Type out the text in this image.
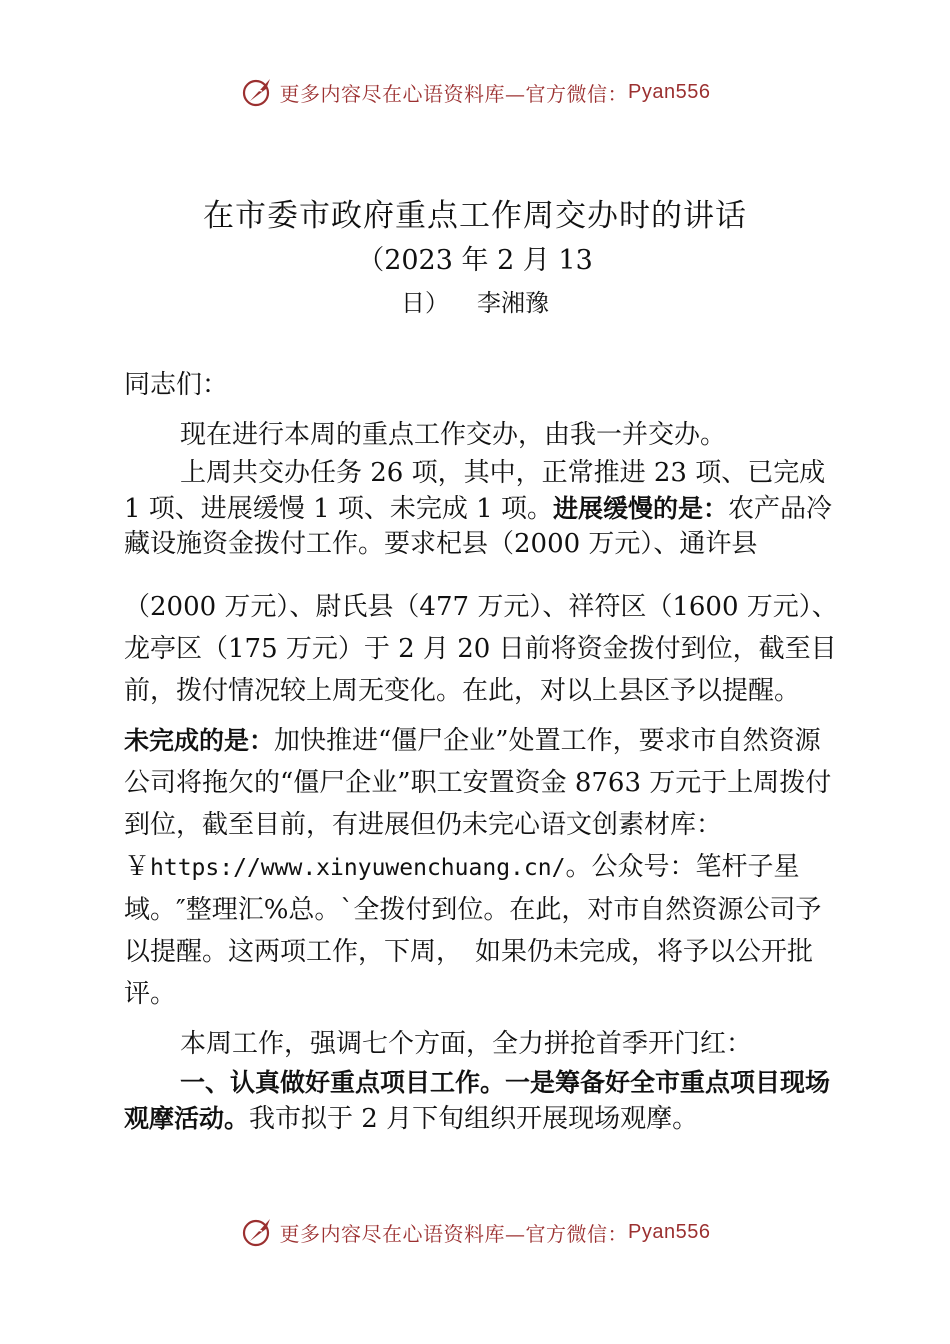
更多内容尽在心语资料库—官方微信： Pyan556
在市委市政府重点工作周交办时的讲话
（2023 年 2 月 13
日） 李湘豫

同志们：

现在进行本周的重点工作交办，由我一并交办。

上周共交办任务 26 项，其中，正常推进 23 项、已完成 1 项、进展缓慢 1 项、未完成 1 项。进展缓慢的是：农产品冷藏设施资金拨付工作。要求杞县（2000 万元）、通许县

（2000 万元）、尉氏县（477 万元）、祥符区（1600 万元）、龙亭区（175 万元）于 2 月 20 日前将资金拨付到位，截至目前，拨付情况较上周无变化。在此，对以上县区予以提醒。

未完成的是：加快推进“僵尸企业”处置工作，要求市自然资源公司将拖欠的“僵尸企业”职工安置资金 8763 万元于上周拨付到位，截至目前，有进展但仍未完心语文创素材库：￥https://www.xinyuwenchuang.cn/。公众号：笔杆子星域。″整理汇%总。`全拨付到位。在此，对市自然资源公司予以提醒。这两项工作，下周，　如果仍未完成，将予以公开批评。

本周工作，强调七个方面，全力拼抢首季开门红：

一、认真做好重点项目工作。一是筹备好全市重点项目现场观摩活动。我市拟于 2 月下旬组织开展现场观摩。

更多内容尽在心语资料库—官方微信： Pyan556
